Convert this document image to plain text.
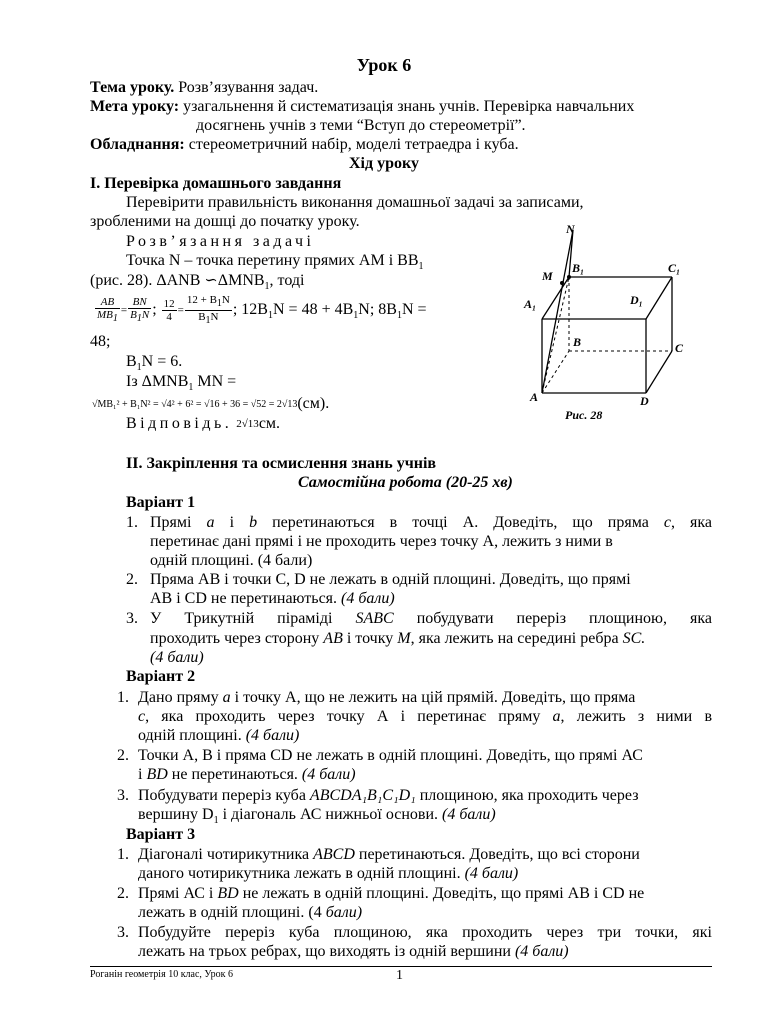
Урок 6
Тема уроку. Розв’язування задач.
Мета уроку: узагальнення й систематизація знань учнів. Перевірка навчальних
досягнень учнів з теми “Вступ до стереометрії”.
Обладнання: стереометричний набір, моделі тетраедра і куба.
Хід уроку
І. Перевірка домашнього завдання
Перевірити правильність виконання домашньої задачі за записами,
зробленими на дошці до початку уроку.
Розв’язання задачі
Точка N – точка перетину прямих AM і $BB_1$
(рис. 28). ΔANB $∽\Delta MNB_1$, тоді
$\frac{AB}{MB_1} = \frac{BN}{B_1N}$ ; $\frac{12}{4} = \frac{12 + B_1N}{B_1N}$ ; $12B_1N = 48 + 4B_1N$; $8B_1N$ =
48;
$B_1N = 6$.
Із $\Delta MNB_1$ MN =
√MB₁² + B₁N² = √4² + 6² = √16 + 36 = √52 = 2√13(см).
Відповідь. 2√13см.
N
M
B₁	C₁
A₁	D₁
B	C
A	D
Рис. 28
ІІ. Закріплення та осмислення знань учнів
Самостійна робота (20-25 хв)
Варіант 1
1. Прямі a і b перетинаються в точці А. Доведіть, що пряма c, яка
перетинає дані прямі і не проходить через точку А, лежить з ними в
одній площині. (4 бали)
2. Пряма АВ і точки С, D не лежать в одній площині. Доведіть, що прямі
АВ і СD не перетинаються. (4 бали)
3. У Трикутній піраміді SABC побудувати переріз площиною, яка
проходить через сторону AB і точку M, яка лежить на середині ребра SC.
(4 бали)
Варіант 2
1. Дано пряму a і точку А, що не лежить на цій прямій. Доведіть, що пряма
c, яка проходить через точку А і перетинає пряму a, лежить з ними в
одній площині. (4 бали)
2. Точки А, В і пряма СD не лежать в одній площині. Доведіть, що прямі АС
і BD не перетинаються. (4 бали)
3. Побудувати переріз куба ABCDA₁B₁C₁D₁ площиною, яка проходить через
вершину $D_1$ і діагональ АС нижньої основи. (4 бали)
Варіант 3
1. Діагоналі чотирикутника ABCD перетинаються. Доведіть, що всі сторони
даного чотирикутника лежать в одній площині. (4 бали)
2. Прямі АС і BD не лежать в одній площині. Доведіть, що прямі АВ і СD не
лежать в одній площині. (4 бали)
3. Побудуйте переріз куба площиною, яка проходить через три точки, які
лежать на трьох ребрах, що виходять із одній вершини (4 бали)
Роганін геометрія 10 клас, Урок 6	1
